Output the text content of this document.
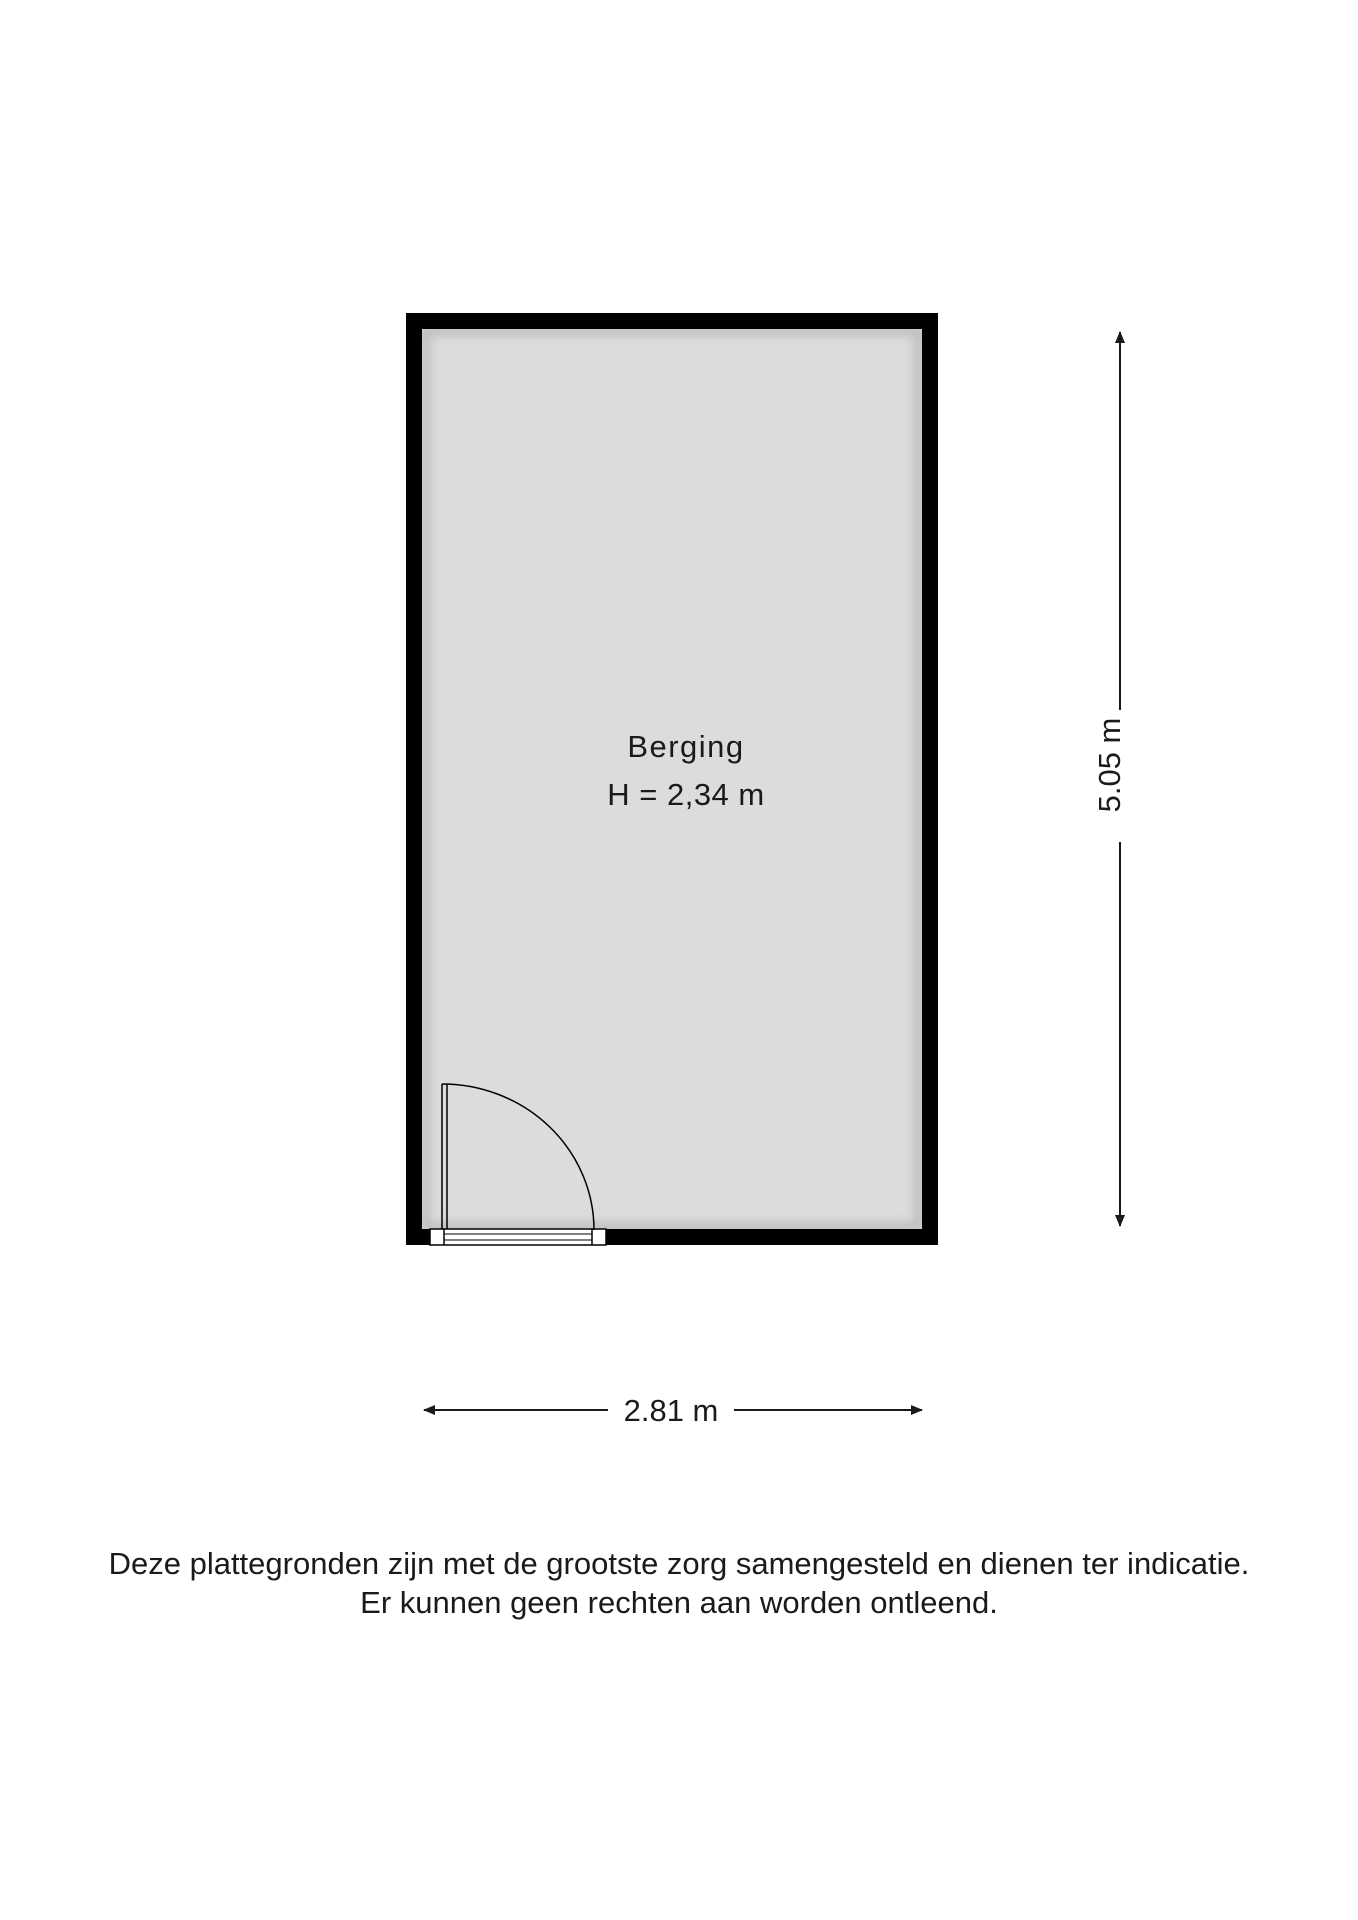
Berging
H = 2,34 m	5.05 m
2.81 m
Deze plattegronden zijn met de grootste zorg samengesteld en dienen ter indicatie.
Er kunnen geen rechten aan worden ontleend.
